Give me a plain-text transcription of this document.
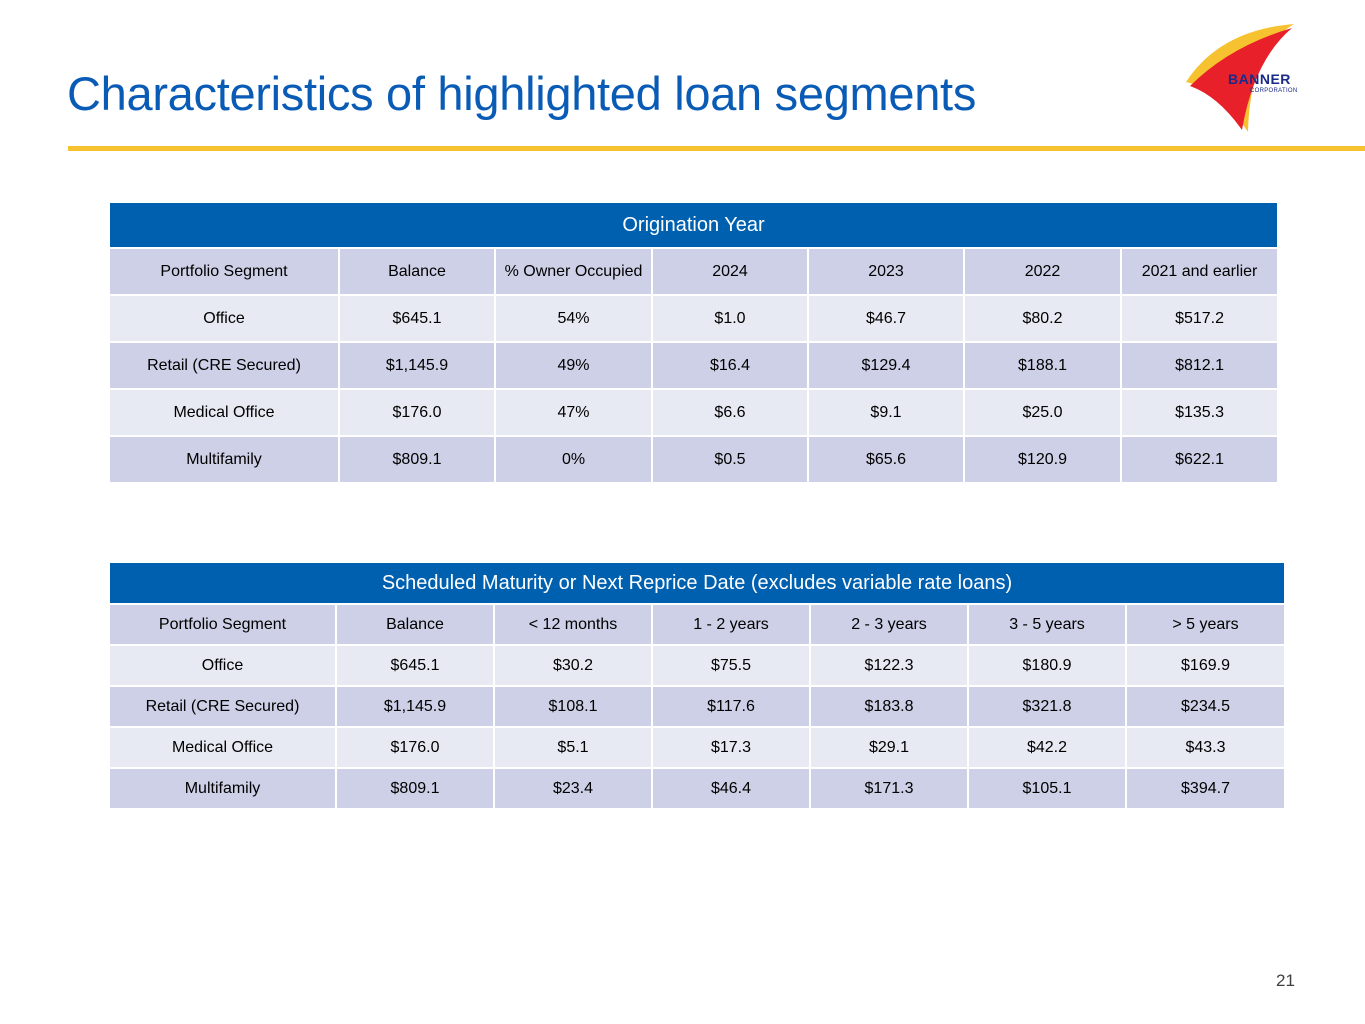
Characteristics of highlighted loan segments	BANNER
CORPORATION
Origination Year						
Portfolio Segment	Balance	% Owner Occupied	2024	2023	2022	2021 and earlier
Office	$645.1	54%	$1.0	$46.7	$80.2	$517.2
Retail (CRE Secured)	$1,145.9	49%	$16.4	$129.4	$188.1	$812.1
Medical Office	$176.0	47%	$6.6	$9.1	$25.0	$135.3
Multifamily	$809.1	0%	$0.5	$65.6	$120.9	$622.1
Scheduled Maturity or Next Reprice Date (excludes variable rate loans)						
Portfolio Segment	Balance	< 12 months	1 - 2 years	2 - 3 years	3 - 5 years	> 5 years
Office	$645.1	$30.2	$75.5	$122.3	$180.9	$169.9
Retail (CRE Secured)	$1,145.9	$108.1	$117.6	$183.8	$321.8	$234.5
Medical Office	$176.0	$5.1	$17.3	$29.1	$42.2	$43.3
Multifamily	$809.1	$23.4	$46.4	$171.3	$105.1	$394.7
21
